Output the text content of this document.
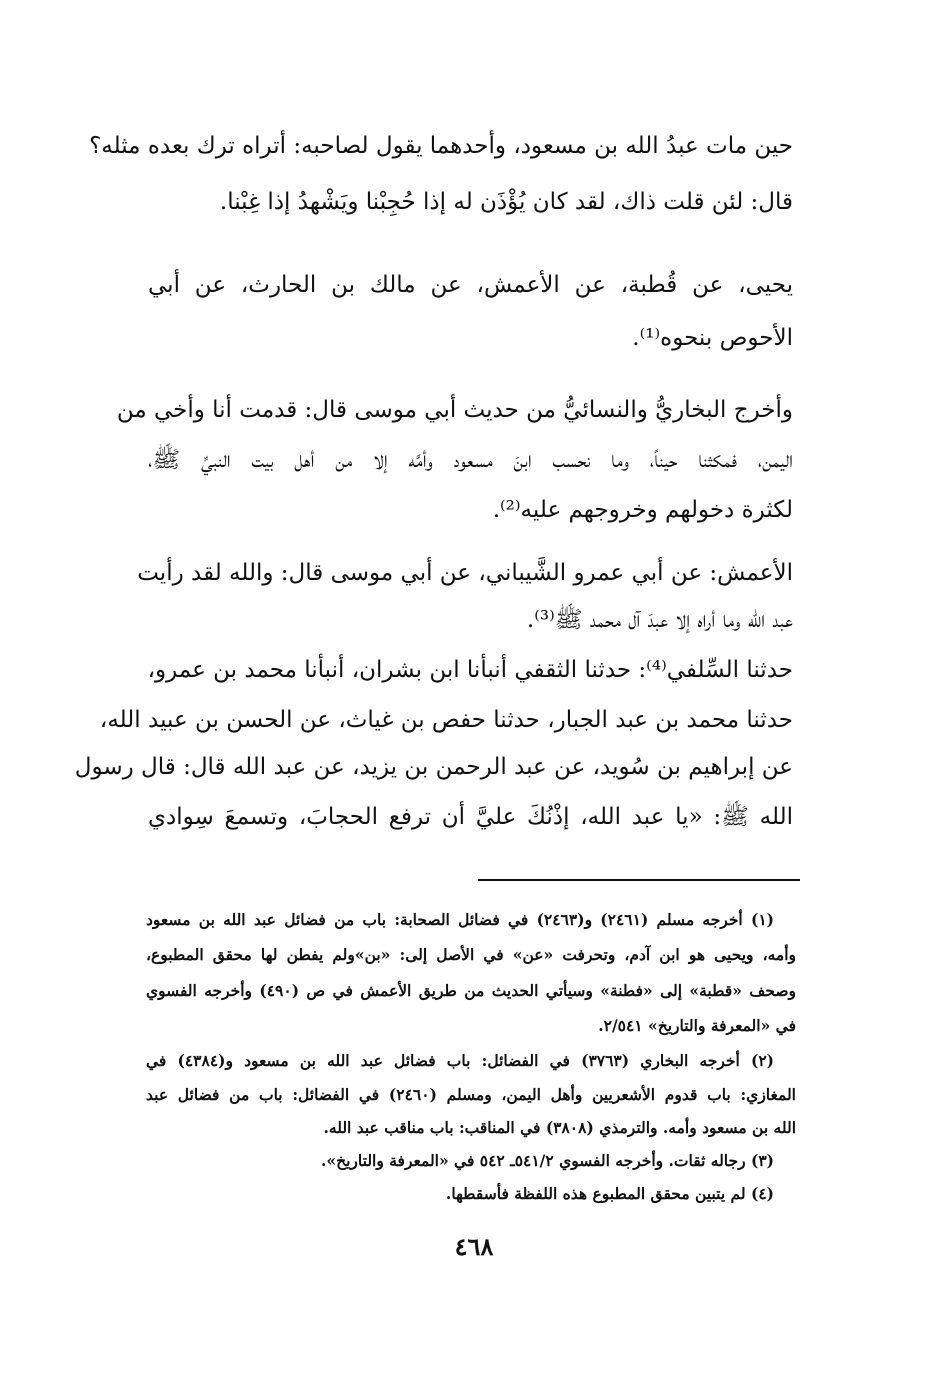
حين مات عبدُ الله بن مسعود، وأحدهما يقول لصاحبه: أتراه ترك بعده مثله؟
قال: لئن قلت ذاك، لقد كان يُؤْذَن له إذا حُجِبْنا ويَشْهدُ إذا غِبْنا.
يحيى، عن قُطبة، عن الأعمش، عن مالك بن الحارث، عن أبي
الأحوص بنحوه⁽¹⁾.
وأخرج البخاريُّ والنسائيُّ من حديث أبي موسى قال: قدمت أنا وأخي من
اليمن، فمكثنا حيناً، وما نحسب ابنَ مسعود وأمَّه إلا من أهل بيت النبيِّ ﷺ،
لكثرة دخولهم وخروجهم عليه⁽²⁾.
الأعمش: عن أبي عمرو الشَّيباني، عن أبي موسى قال: والله لقد رأيت
عبد الله وما أراه إلا عبدَ آل محمد ﷺ⁽³⁾.
حدثنا السِّلفي⁽⁴⁾: حدثنا الثقفي أنبأنا ابن بشران، أنبأنا محمد بن عمرو،
حدثنا محمد بن عبد الجبار، حدثنا حفص بن غياث، عن الحسن بن عبيد الله،
عن إبراهيم بن سُويد، عن عبد الرحمن بن يزيد، عن عبد الله قال: قال رسول
الله ﷺ: «يا عبد الله، إذْنُكَ عليَّ أن ترفع الحجابَ، وتسمعَ سِوادي
(١) أخرجه مسلم (٢٤٦١) و(٢٤٦٣) في فضائل الصحابة: باب من فضائل عبد الله بن مسعود
وأمه، ويحيى هو ابن آدم، وتحرفت «عن» في الأصل إلى: «بن»ولم يفطن لها محقق المطبوع،
وصحف «قطبة» إلى «فطنة» وسيأتي الحديث من طريق الأعمش في ص (٤٩٠) وأخرجه الفسوي
في «المعرفة والتاريخ» ٢/٥٤١.
(٢) أخرجه البخاري (٣٧٦٣) في الفضائل: باب فضائل عبد الله بن مسعود و(٤٣٨٤) في
المغازي: باب قدوم الأشعريين وأهل اليمن، ومسلم (٢٤٦٠) في الفضائل: باب من فضائل عبد
الله بن مسعود وأمه. والترمذي (٣٨٠٨) في المناقب: باب مناقب عبد الله.
(٣) رجاله ثقات. وأخرجه الفسوي ٥٤١/٢ـ ٥٤٢ في «المعرفة والتاريخ».
(٤) لم يتبين محقق المطبوع هذه اللفظة فأسقطها.
٤٦٨
